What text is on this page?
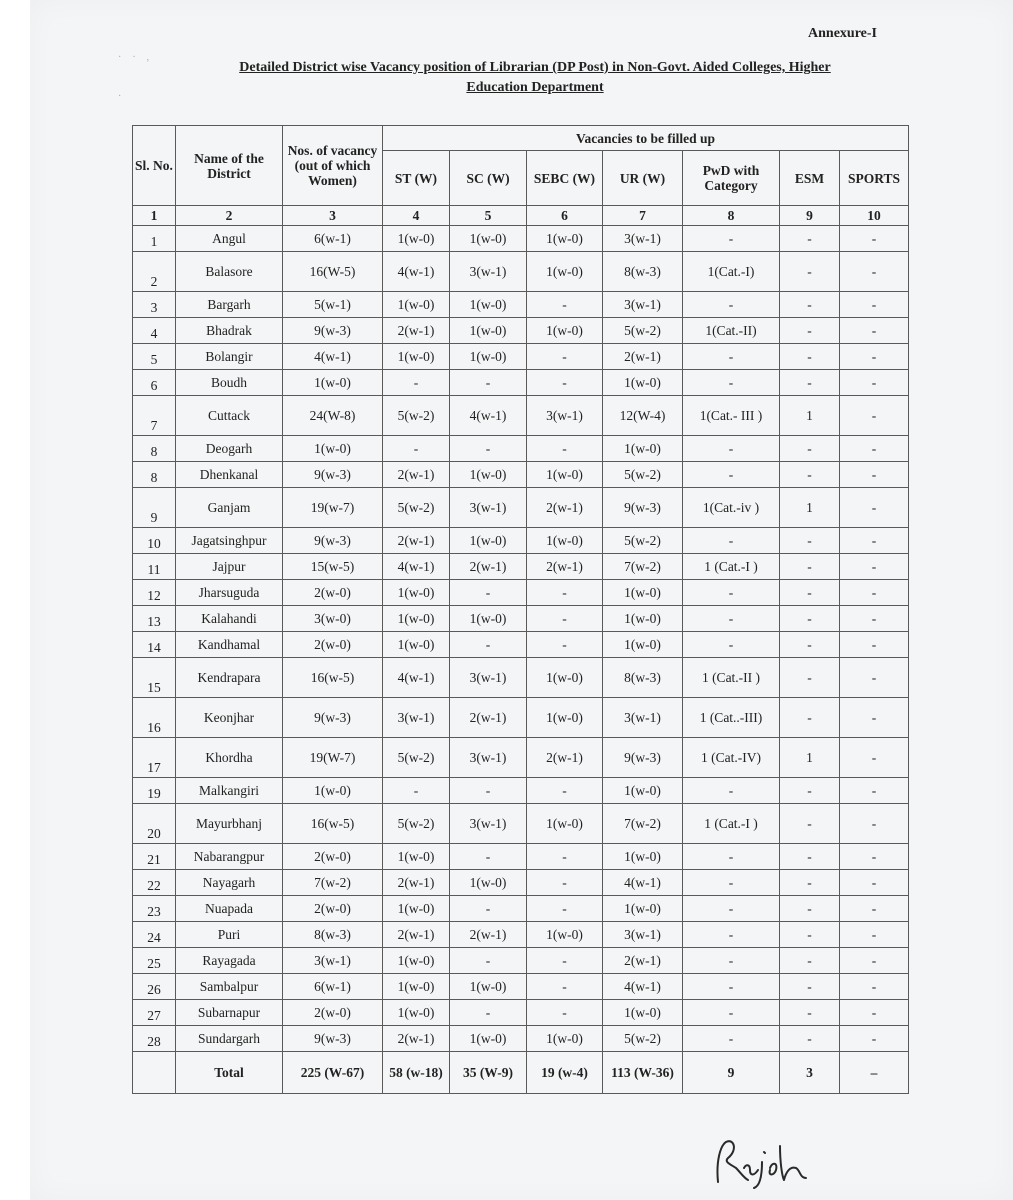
·  ·  ,
·
Annexure-I
Detailed District wise Vacancy position of Librarian (DP Post) in Non-Govt. Aided Colleges, Higher
Education Department
Sl. No.	Name of the District	Nos. of vacancy (out of which Women)	Vacancies to be filled up						
			ST (W)	SC (W)	SEBC (W)	UR (W)	PwD with Category	ESM	SPORTS
1	2	3	4	5	6	7	8	9	10
1	Angul	6(w-1)	1(w-0)	1(w-0)	1(w-0)	3(w-1)	-	-	-
2	Balasore	16(W-5)	4(w-1)	3(w-1)	1(w-0)	8(w-3)	1(Cat.-I)	-	-
3	Bargarh	5(w-1)	1(w-0)	1(w-0)	-	3(w-1)	-	-	-
4	Bhadrak	9(w-3)	2(w-1)	1(w-0)	1(w-0)	5(w-2)	1(Cat.-II)	-	-
5	Bolangir	4(w-1)	1(w-0)	1(w-0)	-	2(w-1)	-	-	-
6	Boudh	1(w-0)	-	-	-	1(w-0)	-	-	-
7	Cuttack	24(W-8)	5(w-2)	4(w-1)	3(w-1)	12(W-4)	1(Cat.- III )	1	-
8	Deogarh	1(w-0)	-	-	-	1(w-0)	-	-	-
8	Dhenkanal	9(w-3)	2(w-1)	1(w-0)	1(w-0)	5(w-2)	-	-	-
9	Ganjam	19(w-7)	5(w-2)	3(w-1)	2(w-1)	9(w-3)	1(Cat.-iv )	1	-
10	Jagatsinghpur	9(w-3)	2(w-1)	1(w-0)	1(w-0)	5(w-2)	-	-	-
11	Jajpur	15(w-5)	4(w-1)	2(w-1)	2(w-1)	7(w-2)	1 (Cat.-I )	-	-
12	Jharsuguda	2(w-0)	1(w-0)	-	-	1(w-0)	-	-	-
13	Kalahandi	3(w-0)	1(w-0)	1(w-0)	-	1(w-0)	-	-	-
14	Kandhamal	2(w-0)	1(w-0)	-	-	1(w-0)	-	-	-
15	Kendrapara	16(w-5)	4(w-1)	3(w-1)	1(w-0)	8(w-3)	1 (Cat.-II )	-	-
16	Keonjhar	9(w-3)	3(w-1)	2(w-1)	1(w-0)	3(w-1)	1 (Cat..-III)	-	-
17	Khordha	19(W-7)	5(w-2)	3(w-1)	2(w-1)	9(w-3)	1 (Cat.-IV)	1	-
19	Malkangiri	1(w-0)	-	-	-	1(w-0)	-	-	-
20	Mayurbhanj	16(w-5)	5(w-2)	3(w-1)	1(w-0)	7(w-2)	1 (Cat.-I )	-	-
21	Nabarangpur	2(w-0)	1(w-0)	-	-	1(w-0)	-	-	-
22	Nayagarh	7(w-2)	2(w-1)	1(w-0)	-	4(w-1)	-	-	-
23	Nuapada	2(w-0)	1(w-0)	-	-	1(w-0)	-	-	-
24	Puri	8(w-3)	2(w-1)	2(w-1)	1(w-0)	3(w-1)	-	-	-
25	Rayagada	3(w-1)	1(w-0)	-	-	2(w-1)	-	-	-
26	Sambalpur	6(w-1)	1(w-0)	1(w-0)	-	4(w-1)	-	-	-
27	Subarnapur	2(w-0)	1(w-0)	-	-	1(w-0)	-	-	-
28	Sundargarh	9(w-3)	2(w-1)	1(w-0)	1(w-0)	5(w-2)	-	-	-
	Total	225 (W-67)	58 (w-18)	35 (W-9)	19 (w-4)	113 (W-36)	9	3	–
